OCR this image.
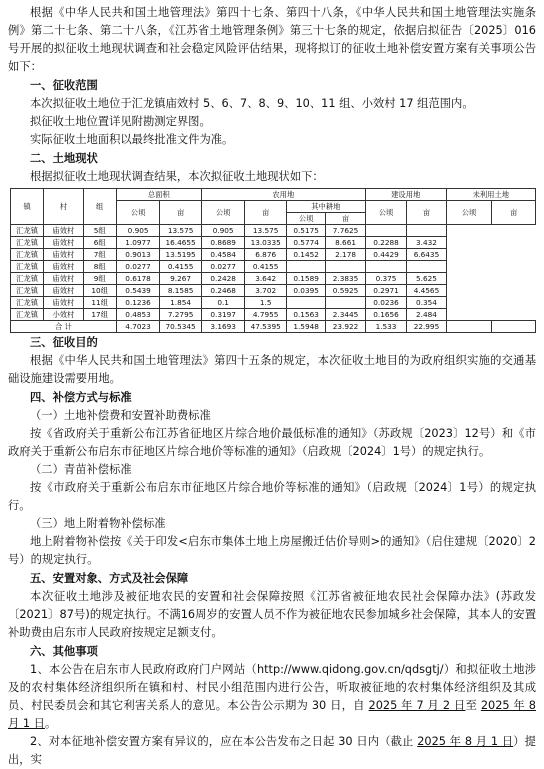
根据《中华人民共和国土地管理法》第四十七条、第四十八条，《中华人民共和国土地管理法实施条例》第二十七条、第二十八条，《江苏省土地管理条例》第三十七条的规定，依据启拟征告〔2025〕016号开展的拟征收土地现状调查和社会稳定风险评估结果，现将拟订的征收土地补偿安置方案有关事项公告如下：

一、征收范围

本次拟征收土地位于汇龙镇庙效村 5、6、7、8、9、10、11 组、小效村 17 组范围内。

拟征收土地位置详见附勘测定界图。

实际征收土地面积以最终批准文件为准。

二、土地现状

根据拟征收土地现状调查结果，本次拟征收土地现状如下：

镇	村	组	总面积		农用地				建设用地		未利用土地	
			公顷	亩	公顷	亩	其中耕地		公顷	亩	公顷	亩
							公顷	亩				
汇龙镇	庙效村	5组	0.905	13.575	0.905	13.575	0.5175	7.7625				
汇龙镇	庙效村	6组	1.0977	16.4655	0.8689	13.0335	0.5774	8.661	0.2288	3.432		
汇龙镇	庙效村	7组	0.9013	13.5195	0.4584	6.876	0.1452	2.178	0.4429	6.6435		
汇龙镇	庙效村	8组	0.0277	0.4155	0.0277	0.4155						
汇龙镇	庙效村	9组	0.6178	9.267	0.2428	3.642	0.1589	2.3835	0.375	5.625		
汇龙镇	庙效村	10组	0.5439	8.1585	0.2468	3.702	0.0395	0.5925	0.2971	4.4565		
汇龙镇	庙效村	11组	0.1236	1.854	0.1	1.5			0.0236	0.354		
汇龙镇	小效村	17组	0.4853	7.2795	0.3197	4.7955	0.1563	2.3445	0.1656	2.484		
合 计			4.7023	70.5345	3.1693	47.5395	1.5948	23.922	1.533	22.995		

三、征收目的

根据《中华人民共和国土地管理法》第四十五条的规定，本次征收土地目的为政府组织实施的交通基础设施建设需要用地。

四、补偿方式与标准

（一）土地补偿费和安置补助费标准

按《省政府关于重新公布江苏省征地区片综合地价最低标准的通知》（苏政规〔2023〕12号）和《市政府关于重新公布启东市征地区片综合地价等标准的通知》（启政规〔2024〕1号）的规定执行。

（二）青苗补偿标准

按《市政府关于重新公布启东市征地区片综合地价等标准的通知》（启政规〔2024〕1号）的规定执行。

（三）地上附着物补偿标准

地上附着物补偿按《关于印发<启东市集体土地上房屋搬迁估价导则>的通知》（启住建规〔2020〕2号）的规定执行。

五、安置对象、方式及社会保障

本次征收土地涉及被征地农民的安置和社会保障按照《江苏省被征地农民社会保障办法》(苏政发〔2021〕87号)的规定执行。不满16周岁的安置人员不作为被征地农民参加城乡社会保障，其本人的安置补助费由启东市人民政府按规定足额支付。

六、其他事项

1、本公告在启东市人民政府政府门户网站（http://www.qidong.gov.cn/qdsgtj/）和拟征收土地涉及的农村集体经济组织所在镇和村、村民小组范围内进行公告，听取被征地的农村集体经济组织及其成员、村民委员会和其它利害关系人的意见。本公告公示期为 30 日，自 2025 年 7 月 2 日至 2025 年 8 月 1 日。

2、对本征地补偿安置方案有异议的，应在本公告发布之日起 30 日内（截止 2025 年 8 月 1 日）提出，实
